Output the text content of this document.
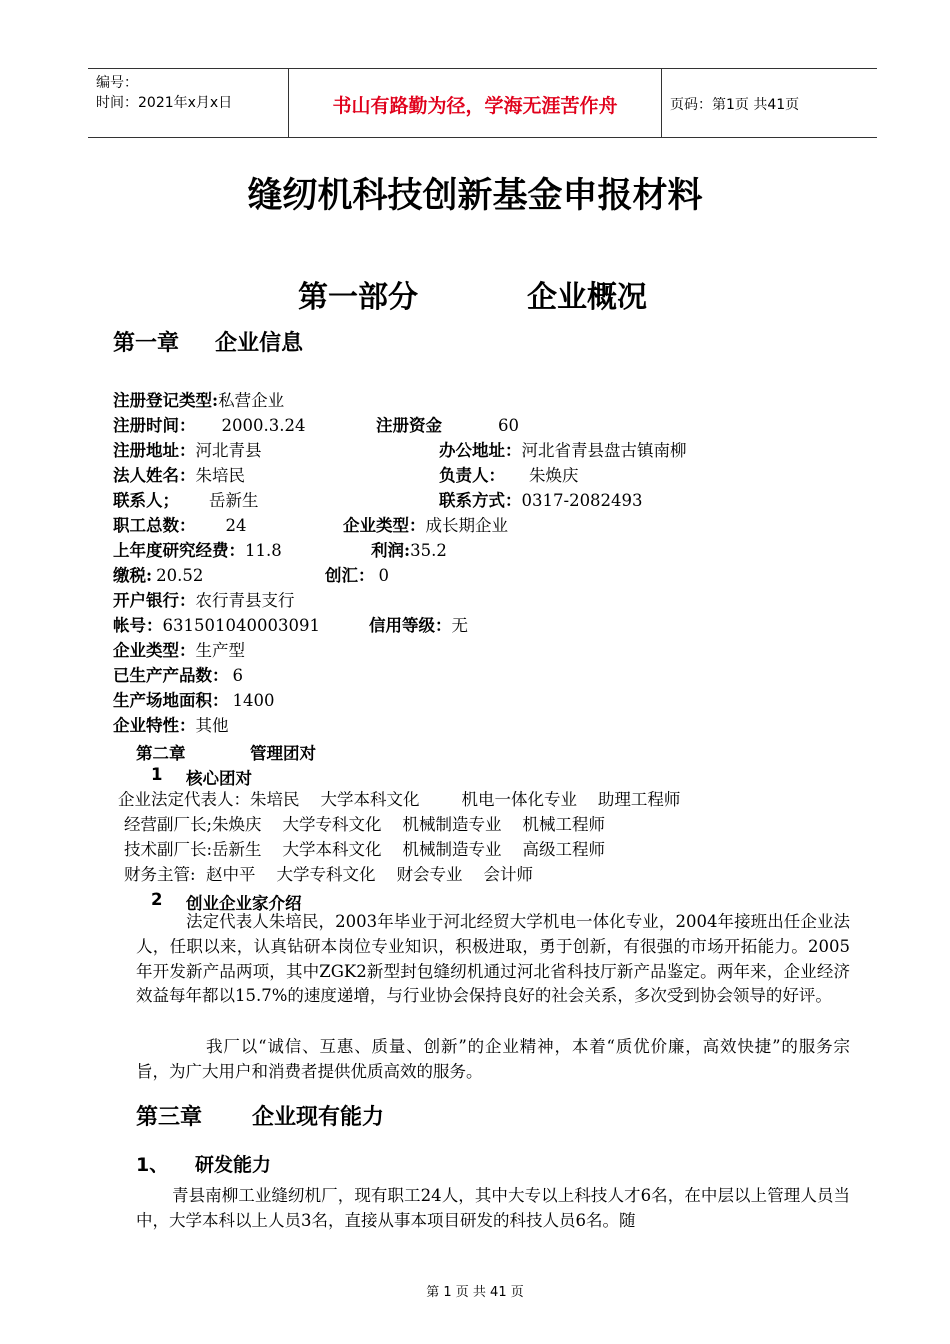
编号：
时间：2021年x月x日	书山有路勤为径，学海无涯苦作舟	页码：第1页 共41页
缝纫机科技创新基金申报材料
第一部分	企业概况
第一章 企业信息
注册登记类型:私营企业
注册时间： 2000.3.24	注册资金	60
注册地址：河北青县	办公地址：河北省青县盘古镇南柳
法人姓名：朱培民	负责人： 朱焕庆
联系人； 岳新生	联系方式：0317-2082493
职工总数： 24	企业类型：成长期企业
上年度研究经费：11.8	利润:35.2
缴税: 20.52	创汇： 0
开户银行：农行青县支行
帐号：631501040003091	信用等级：无
企业类型：生产型
已生产产品数： 6
生产场地面积： 1400
企业特性：其他
第二章	管理团对
1 核心团对
企业法定代表人：朱培民    大学本科文化        机电一体化专业    助理工程师
经营副厂长;朱焕庆    大学专科文化    机械制造专业    机械工程师
技术副厂长:岳新生    大学本科文化    机械制造专业    高级工程师
财务主管:  赵中平    大学专科文化    财会专业    会计师
2 创业企业家介绍
法定代表人朱培民，2003年毕业于河北经贸大学机电一体化专业，2004年接班出任企业法人，任职以来，认真钻研本岗位专业知识，积极进取，勇于创新，有很强的市场开拓能力。2005年开发新产品两项，其中ZGK2新型封包缝纫机通过河北省科技厅新产品鉴定。两年来，企业经济效益每年都以15.7%的速度递增，与行业协会保持良好的社会关系，多次受到协会领导的好评。
我厂以“诚信、互惠、质量、创新”的企业精神，本着“质优价廉，高效快捷”的服务宗旨，为广大用户和消费者提供优质高效的服务。
第三章 企业现有能力
1、 研发能力
青县南柳工业缝纫机厂，现有职工24人，其中大专以上科技人才6名，在中层以上管理人员当中，大学本科以上人员3名，直接从事本项目研发的科技人员6名。随
第 1 页 共 41 页
